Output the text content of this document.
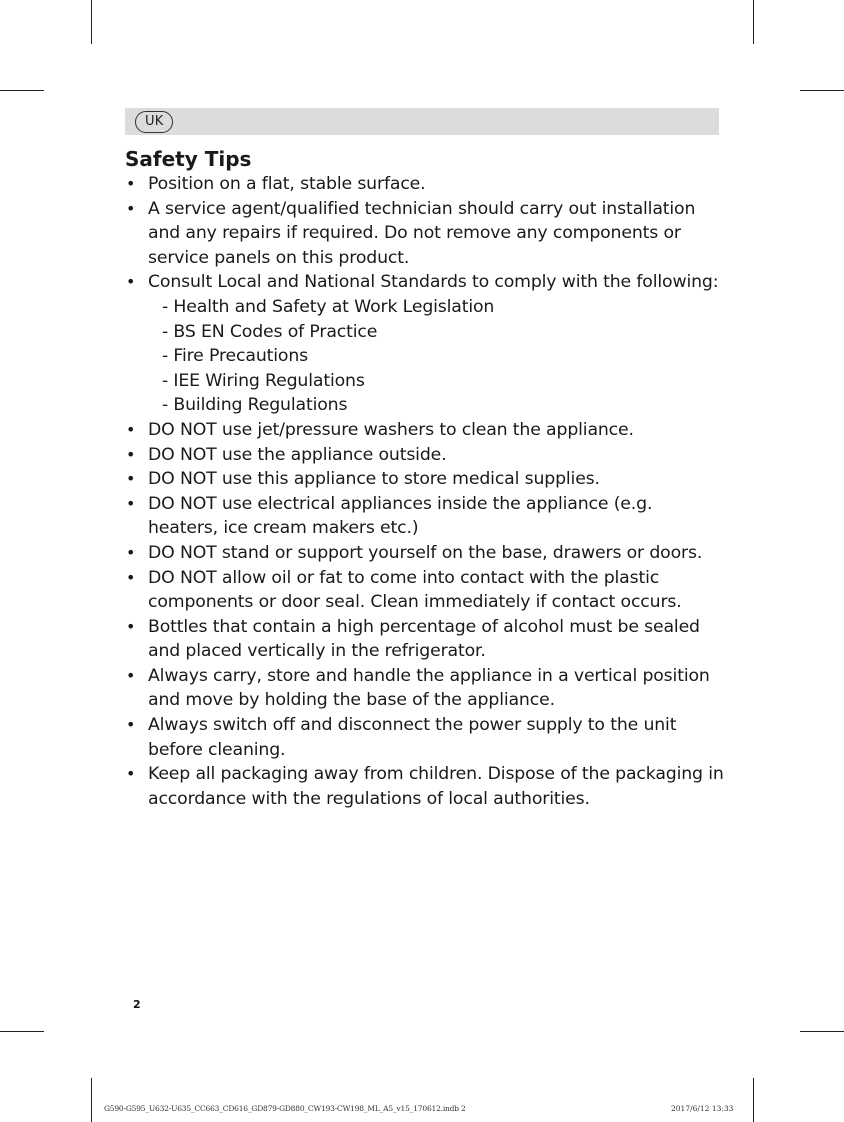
UK
Safety Tips
• Position on a flat, stable surface.
• A service agent/qualified technician should carry out installation and any repairs if required. Do not remove any components or service panels on this product.
• Consult Local and National Standards to comply with the following:
- Health and Safety at Work Legislation
- BS EN Codes of Practice
- Fire Precautions
- IEE Wiring Regulations
- Building Regulations
• DO NOT use jet/pressure washers to clean the appliance.
• DO NOT use the appliance outside.
• DO NOT use this appliance to store medical supplies.
• DO NOT use electrical appliances inside the appliance (e.g. heaters, ice cream makers etc.)
• DO NOT stand or support yourself on the base, drawers or doors.
• DO NOT allow oil or fat to come into contact with the plastic components or door seal. Clean immediately if contact occurs.
• Bottles that contain a high percentage of alcohol must be sealed and placed vertically in the refrigerator.
• Always carry, store and handle the appliance in a vertical position and move by holding the base of the appliance.
• Always switch off and disconnect the power supply to the unit before cleaning.
• Keep all packaging away from children. Dispose of the packaging in accordance with the regulations of local authorities.
2
G590-G595_U632-U635_CC663_CD616_GD879-GD880_CW193-CW198_ML_A5_v15_170612.indb 2	2017/6/12 13:33
